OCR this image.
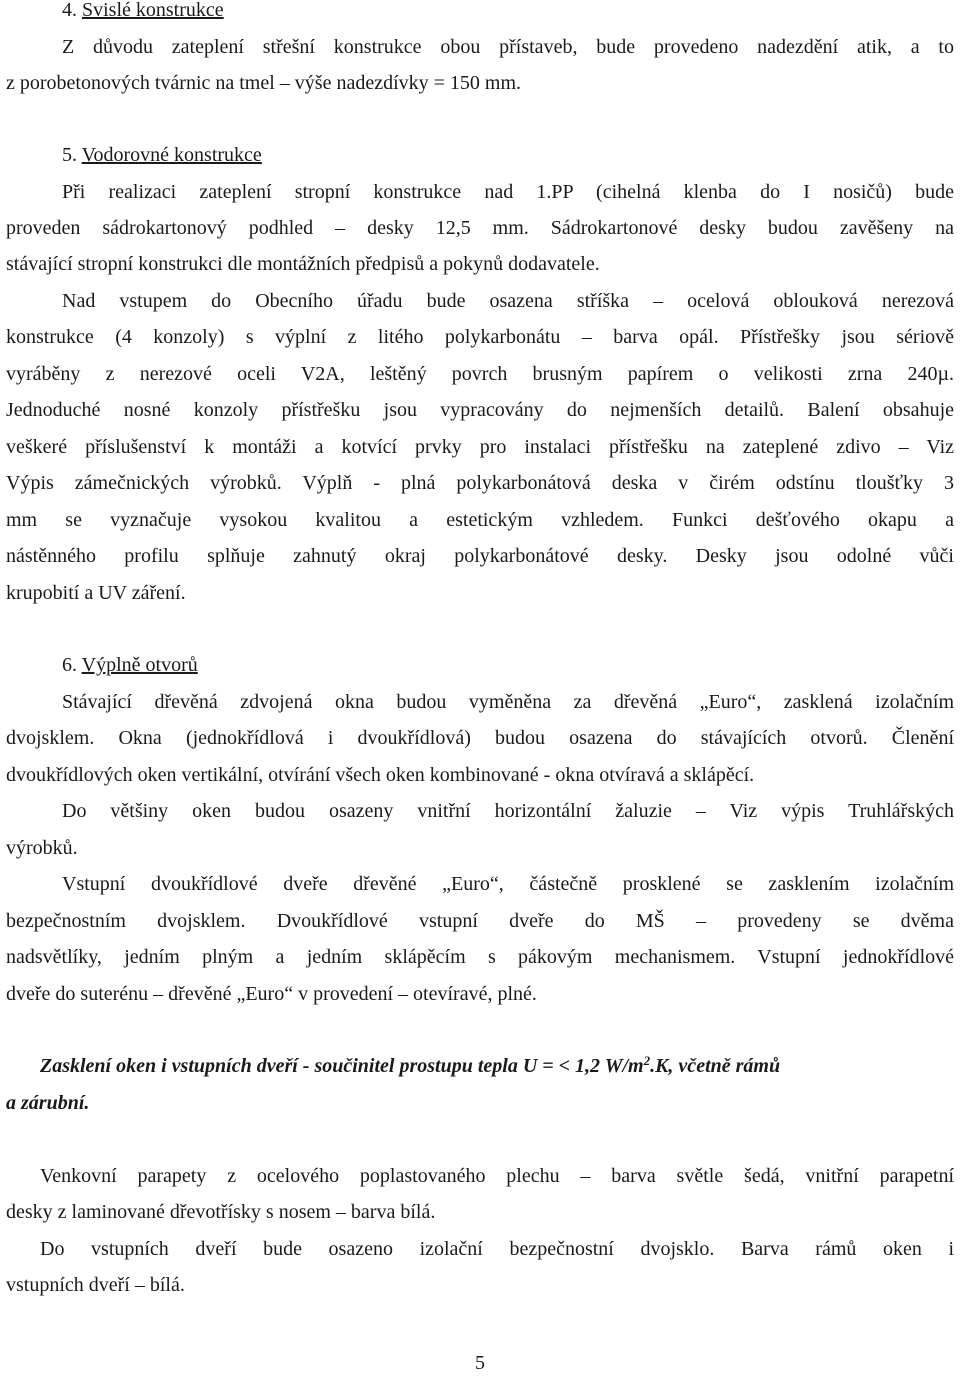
4. Svislé konstrukce
Z důvodu zateplení střešní konstrukce obou přístaveb, bude provedeno nadezdění atik, a to
z porobetonových tvárnic na tmel – výše nadezdívky = 150 mm.
5. Vodorovné konstrukce
Při realizaci zateplení stropní konstrukce nad 1.PP (cihelná klenba do I nosičů) bude
proveden sádrokartonový podhled – desky 12,5 mm. Sádrokartonové desky budou zavěšeny na
stávající stropní konstrukci dle montážních předpisů a pokynů dodavatele.
Nad vstupem do Obecního úřadu bude osazena stříška – ocelová oblouková nerezová
konstrukce (4 konzoly) s výplní z litého polykarbonátu – barva opál. Přístřešky jsou sériově
vyráběny z nerezové oceli V2A, leštěný povrch brusným papírem o velikosti zrna 240µ.
Jednoduché nosné konzoly přístřešku jsou vypracovány do nejmenších detailů. Balení obsahuje
veškeré příslušenství k montáži a kotvící prvky pro instalaci přístřešku na zateplené zdivo – Viz
Výpis zámečnických výrobků. Výplň - plná polykarbonátová deska v čirém odstínu tloušťky 3
mm se vyznačuje vysokou kvalitou a estetickým vzhledem. Funkci dešťového okapu a
nástěnného profilu splňuje zahnutý okraj polykarbonátové desky. Desky jsou odolné vůči
krupobití a UV záření.
6. Výplně otvorů
Stávající dřevěná zdvojená okna budou vyměněna za dřevěná „Euro“, zasklená izolačním
dvojsklem. Okna (jednokřídlová i dvoukřídlová) budou osazena do stávajících otvorů. Členění
dvoukřídlových oken vertikální, otvírání všech oken kombinované - okna otvíravá a sklápěcí.
Do většiny oken budou osazeny vnitřní horizontální žaluzie – Viz výpis Truhlářských
výrobků.
Vstupní dvoukřídlové dveře dřevěné „Euro“, částečně prosklené se zasklením izolačním
bezpečnostním dvojsklem. Dvoukřídlové vstupní dveře do MŠ – provedeny se dvěma
nadsvětlíky, jedním plným a jedním sklápěcím s pákovým mechanismem. Vstupní jednokřídlové
dveře do suterénu – dřevěné „Euro“ v provedení – otevíravé, plné.
Zasklení oken i vstupních dveří - součinitel prostupu tepla U = < 1,2 $W/m^2.K$, včetně rámů
a zárubní.
Venkovní parapety z ocelového poplastovaného plechu – barva světle šedá, vnitřní parapetní
desky z laminované dřevotřísky s nosem – barva bílá.
Do vstupních dveří bude osazeno izolační bezpečnostní dvojsklo. Barva rámů oken i
vstupních dveří – bílá.
5
